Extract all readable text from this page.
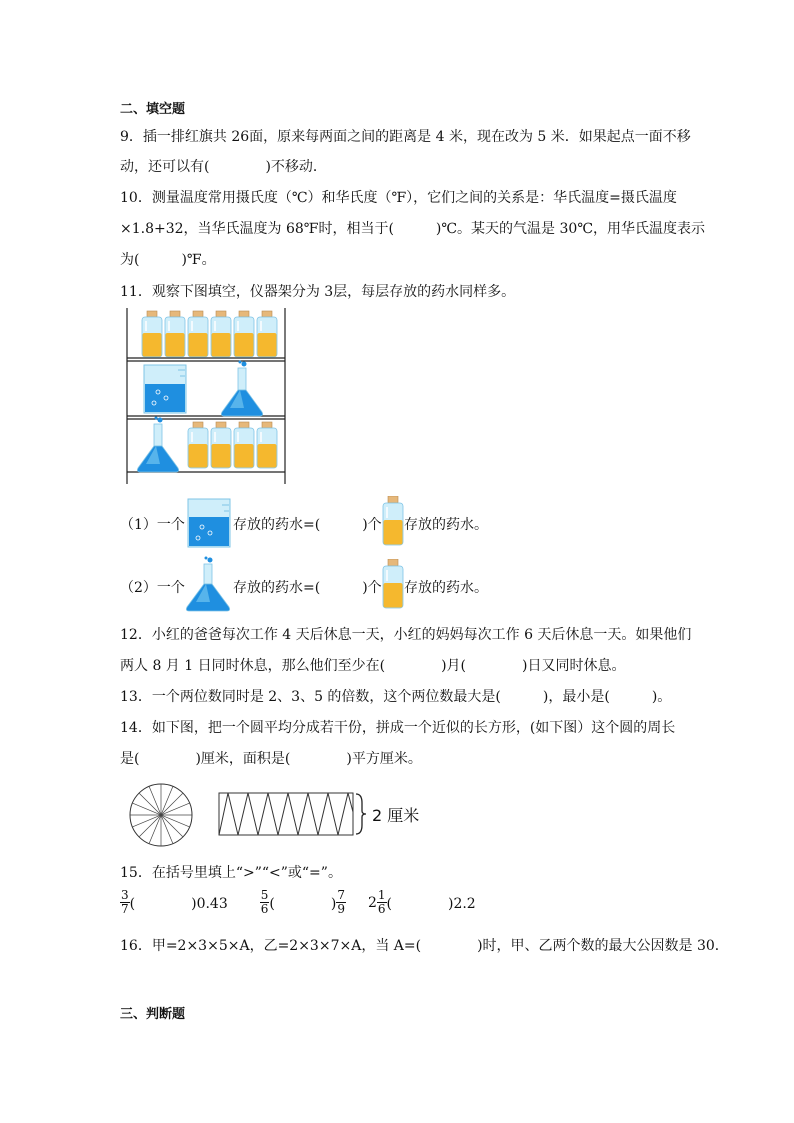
二、填空题
9．插一排红旗共 26面，原来每两面之间的距离是 4 米，现在改为 5 米．如果起点一面不移
动，还可以有(　　　　)不移动．
10．测量温度常用摄氏度（℃）和华氏度（℉），它们之间的关系是：华氏温度=摄氏温度
×1.8+32，当华氏温度为 68℉时，相当于(　　　)℃。某天的气温是 30℃，用华氏温度表示
为(　　　)℉。
11．观察下图填空，仪器架分为 3层，每层存放的药水同样多。
（1）一个	存放的药水=(　　　)个 存放的药水。
（2）一个	存放的药水=(　　　)个 存放的药水。
12．小红的爸爸每次工作 4 天后休息一天，小红的妈妈每次工作 6 天后休息一天。如果他们
两人 8 月 1 日同时休息，那么他们至少在(　　　　)月(　　　　)日又同时休息。
13．一个两位数同时是 2、3、5 的倍数，这个两位数最大是(　　　)，最小是(　　　)。
14．如下图，把一个圆平均分成若干份，拼成一个近似的长方形，(如下图）这个圆的周长
是(　　　　)厘米，面积是(　　　　)平方厘米。
2 厘米
15．在括号里填上“>”“<”或“=”。
$\frac{3}{7}$ (　　　　)0.43	$\frac{5}{6}$ (　　　　) $\frac{7}{9} 2 \frac{1}{6}$ (　　　　)2.2
16．甲=2×3×5×A，乙=2×3×7×A，当 A=(　　　　)时，甲、乙两个数的最大公因数是 30．
三、判断题
